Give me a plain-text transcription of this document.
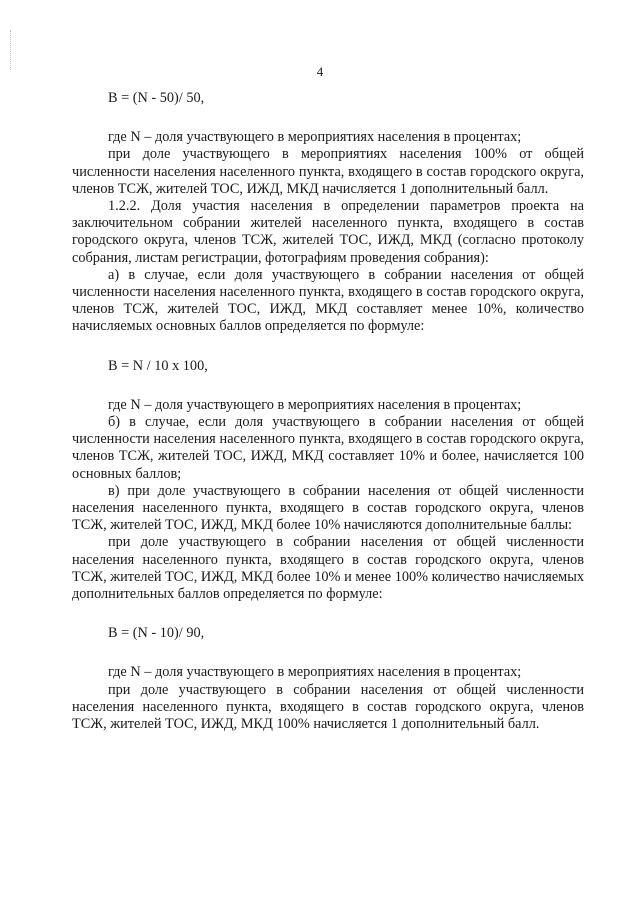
4

B = (N - 50)/ 50,

где N – доля участвующего в мероприятиях населения в процентах;

при доле участвующего в мероприятиях населения 100% от общей численности населения населенного пункта, входящего в состав городского округа, членов ТСЖ, жителей ТОС, ИЖД, МКД начисляется 1 дополнительный балл.

1.2.2. Доля участия населения в определении параметров проекта на заключительном собрании жителей населенного пункта, входящего в состав городского округа, членов ТСЖ, жителей ТОС, ИЖД, МКД (согласно протоколу собрания, листам регистрации, фотографиям проведения собрания):

а) в случае, если доля участвующего в собрании населения от общей численности населения населенного пункта, входящего в состав городского округа, членов ТСЖ, жителей ТОС, ИЖД, МКД составляет менее 10%, количество начисляемых основных баллов определяется по формуле:

B = N / 10 x 100,

где N – доля участвующего в мероприятиях населения в процентах;

б) в случае, если доля участвующего в собрании населения от общей численности населения населенного пункта, входящего в состав городского округа, членов ТСЖ, жителей ТОС, ИЖД, МКД составляет 10% и более, начисляется 100 основных баллов;

в) при доле участвующего в собрании населения от общей численности населения населенного пункта, входящего в состав городского округа, членов ТСЖ, жителей ТОС, ИЖД, МКД более 10% начисляются дополнительные баллы:

при доле участвующего в собрании населения от общей численности населения населенного пункта, входящего в состав городского округа, членов ТСЖ, жителей ТОС, ИЖД, МКД более 10% и менее 100% количество начисляемых дополнительных баллов определяется по формуле:

B = (N - 10)/ 90,

где N – доля участвующего в мероприятиях населения в процентах;

при доле участвующего в собрании населения от общей численности населения населенного пункта, входящего в состав городского округа, членов ТСЖ, жителей ТОС, ИЖД, МКД 100% начисляется 1 дополнительный балл.
